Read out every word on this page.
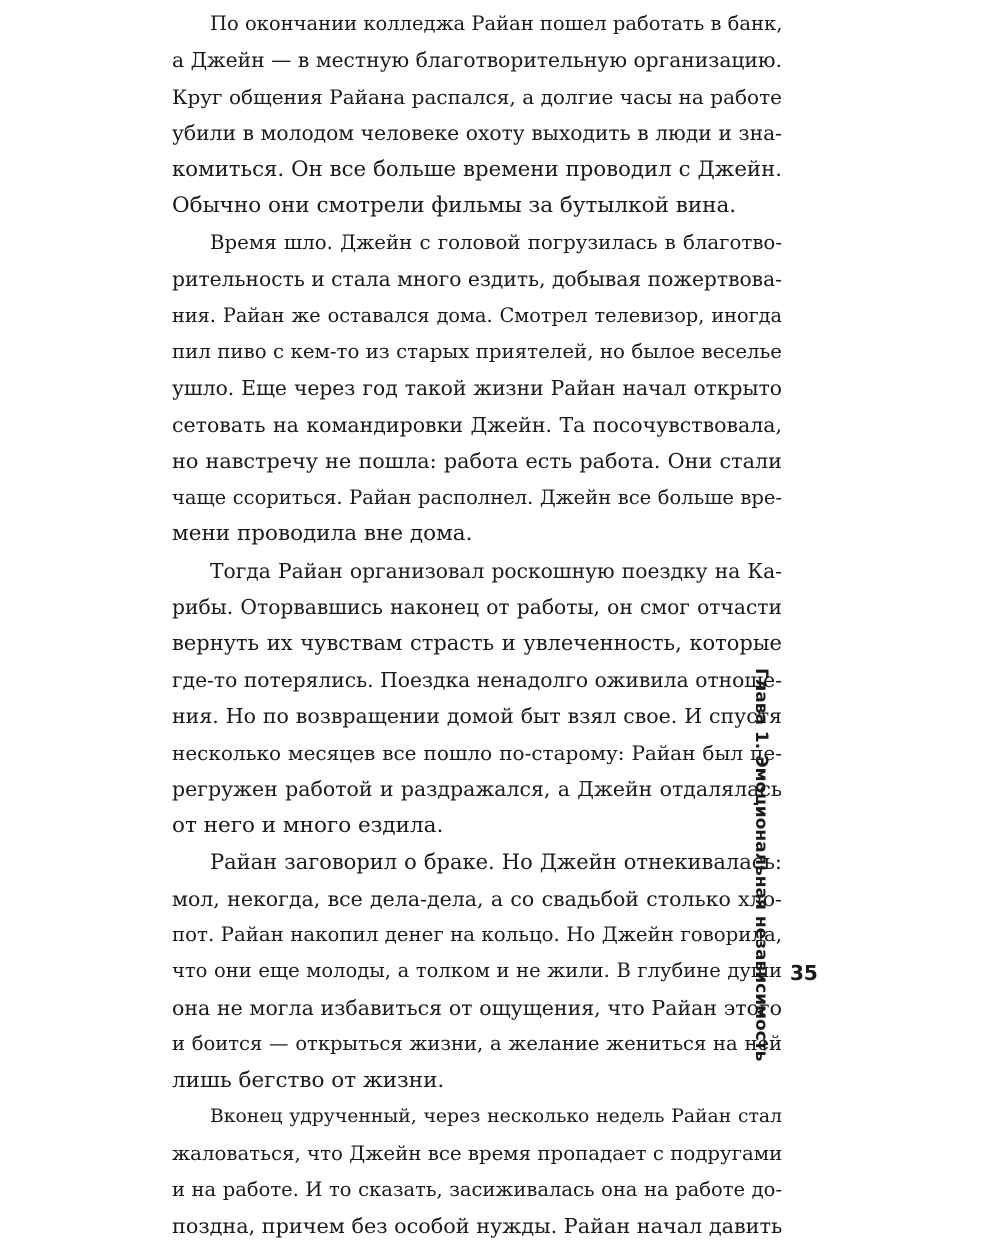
По окончании колледжа Райан пошел работать в банк,
а Джейн — в местную благотворительную организацию.
Круг общения Райана распался, а долгие часы на работе
убили в молодом человеке охоту выходить в люди и зна-
комиться. Он все больше времени проводил с Джейн.
Обычно они смотрели фильмы за бутылкой вина.
Время шло. Джейн с головой погрузилась в благотво-
рительность и стала много ездить, добывая пожертвова-
ния. Райан же оставался дома. Смотрел телевизор, иногда
пил пиво с кем-то из старых приятелей, но былое веселье
ушло. Еще через год такой жизни Райан начал открыто
сетовать на командировки Джейн. Та посочувствовала,
но навстречу не пошла: работа есть работа. Они стали
чаще ссориться. Райан располнел. Джейн все больше вре-
мени проводила вне дома.
Тогда Райан организовал роскошную поездку на Ка-
рибы. Оторвавшись наконец от работы, он смог отчасти
вернуть их чувствам страсть и увлеченность, которые
где-то потерялись. Поездка ненадолго оживила отноше-
ния. Но по возвращении домой быт взял свое. И спустя
несколько месяцев все пошло по-старому: Райан был пе-
регружен работой и раздражался, а Джейн отдалялась
от него и много ездила.
Райан заговорил о браке. Но Джейн отнекивалась:
мол, некогда, все дела-дела, а со свадьбой столько хло-
пот. Райан накопил денег на кольцо. Но Джейн говорила,
что они еще молоды, а толком и не жили. В глубине души
она не могла избавиться от ощущения, что Райан этого
и боится — открыться жизни, а желание жениться на ней
лишь бегство от жизни.
Вконец удрученный, через несколько недель Райан стал
жаловаться, что Джейн все время пропадает с подругами
и на работе. И то сказать, засиживалась она на работе до-
поздна, причем без особой нужды. Райан начал давить
Глава 1. Эмоциональная независимость 35
